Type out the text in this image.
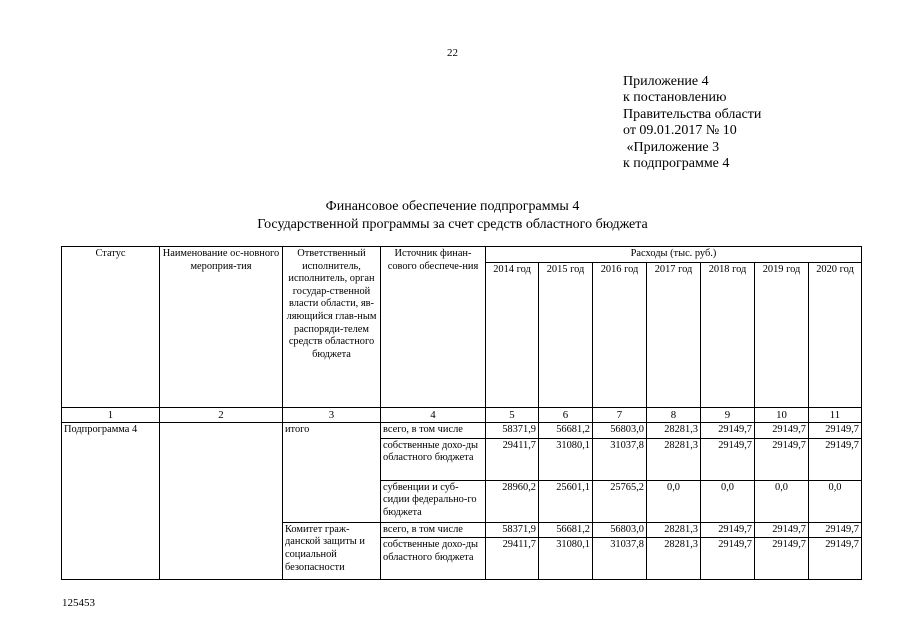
22
Приложение 4
к постановлению
Правительства области
от 09.01.2017 № 10
«Приложение 3
к подпрограмме 4
Финансовое обеспечение подпрограммы 4
Государственной программы за счет средств областного бюджета
Статус	Наименование ос-новного мероприя-тия	Ответственный исполнитель, исполнитель, орган государ-ственной власти области, яв-ляющийся глав-ным распоряди-телем средств областного бюджета	Источник финан-сового обеспече-ния	Расходы (тыс. руб.)						
				2014 год	2015 год	2016 год	2017 год	2018 год	2019 год	2020 год
1	2	3	4	5	6	7	8	9	10	11
Подпрограмма 4		итого	всего, в том числе	58371,9	56681,2	56803,0	28281,3	29149,7	29149,7	29149,7
			собственные дохо-ды областного бюджета	29411,7	31080,1	31037,8	28281,3	29149,7	29149,7	29149,7
			субвенции и суб-сидии федерально-го бюджета	28960,2	25601,1	25765,2	0,0	0,0	0,0	0,0
		Комитет граж-данской защиты и социальной безопасности	всего, в том числе	58371,9	56681,2	56803,0	28281,3	29149,7	29149,7	29149,7
			собственные дохо-ды областного бюджета	29411,7	31080,1	31037,8	28281,3	29149,7	29149,7	29149,7
125453
